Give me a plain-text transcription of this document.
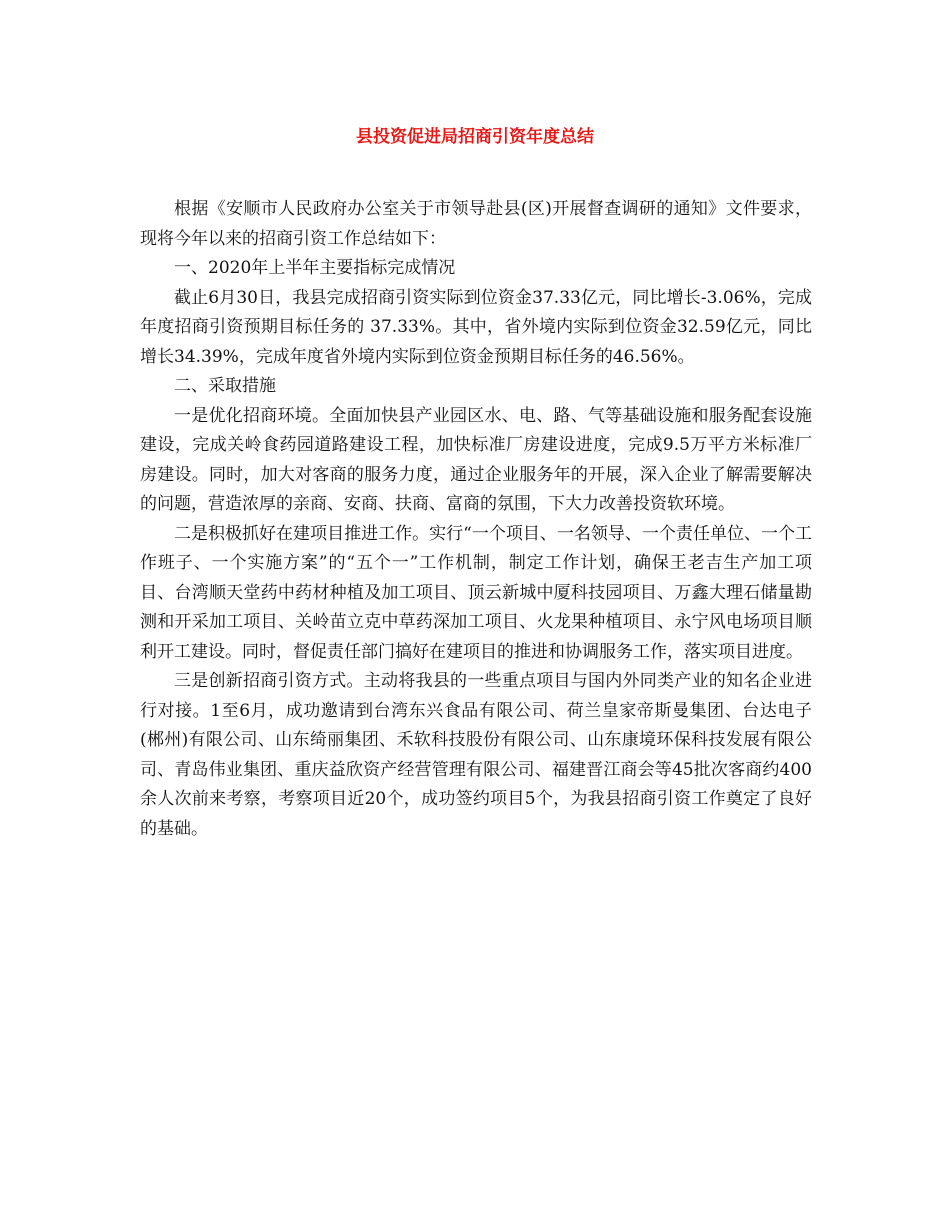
县投资促进局招商引资年度总结

根据《安顺市人民政府办公室关于市领导赴县(区)开展督查调研的通知》文件要求，现将今年以来的招商引资工作总结如下：

一、2020年上半年主要指标完成情况

截止6月30日，我县完成招商引资实际到位资金37.33亿元，同比增长-3.06%，完成年度招商引资预期目标任务的 37.33%。其中，省外境内实际到位资金32.59亿元，同比增长34.39%，完成年度省外境内实际到位资金预期目标任务的46.56%。

二、采取措施

一是优化招商环境。全面加快县产业园区水、电、路、气等基础设施和服务配套设施建设，完成关岭食药园道路建设工程，加快标准厂房建设进度，完成9.5万平方米标准厂房建设。同时，加大对客商的服务力度，通过企业服务年的开展，深入企业了解需要解决的问题，营造浓厚的亲商、安商、扶商、富商的氛围，下大力改善投资软环境。

二是积极抓好在建项目推进工作。实行“一个项目、一名领导、一个责任单位、一个工作班子、一个实施方案”的“五个一”工作机制，制定工作计划，确保王老吉生产加工项目、台湾顺天堂药中药材种植及加工项目、顶云新城中厦科技园项目、万鑫大理石储量勘测和开采加工项目、关岭苗立克中草药深加工项目、火龙果种植项目、永宁风电场项目顺利开工建设。同时，督促责任部门搞好在建项目的推进和协调服务工作，落实项目进度。

三是创新招商引资方式。主动将我县的一些重点项目与国内外同类产业的知名企业进行对接。1至6月，成功邀请到台湾东兴食品有限公司、荷兰皇家帝斯曼集团、台达电子(郴州)有限公司、山东绮丽集团、禾软科技股份有限公司、山东康境环保科技发展有限公司、青岛伟业集团、重庆益欣资产经营管理有限公司、福建晋江商会等45批次客商约400余人次前来考察，考察项目近20个，成功签约项目5个，为我县招商引资工作奠定了良好的基础。
